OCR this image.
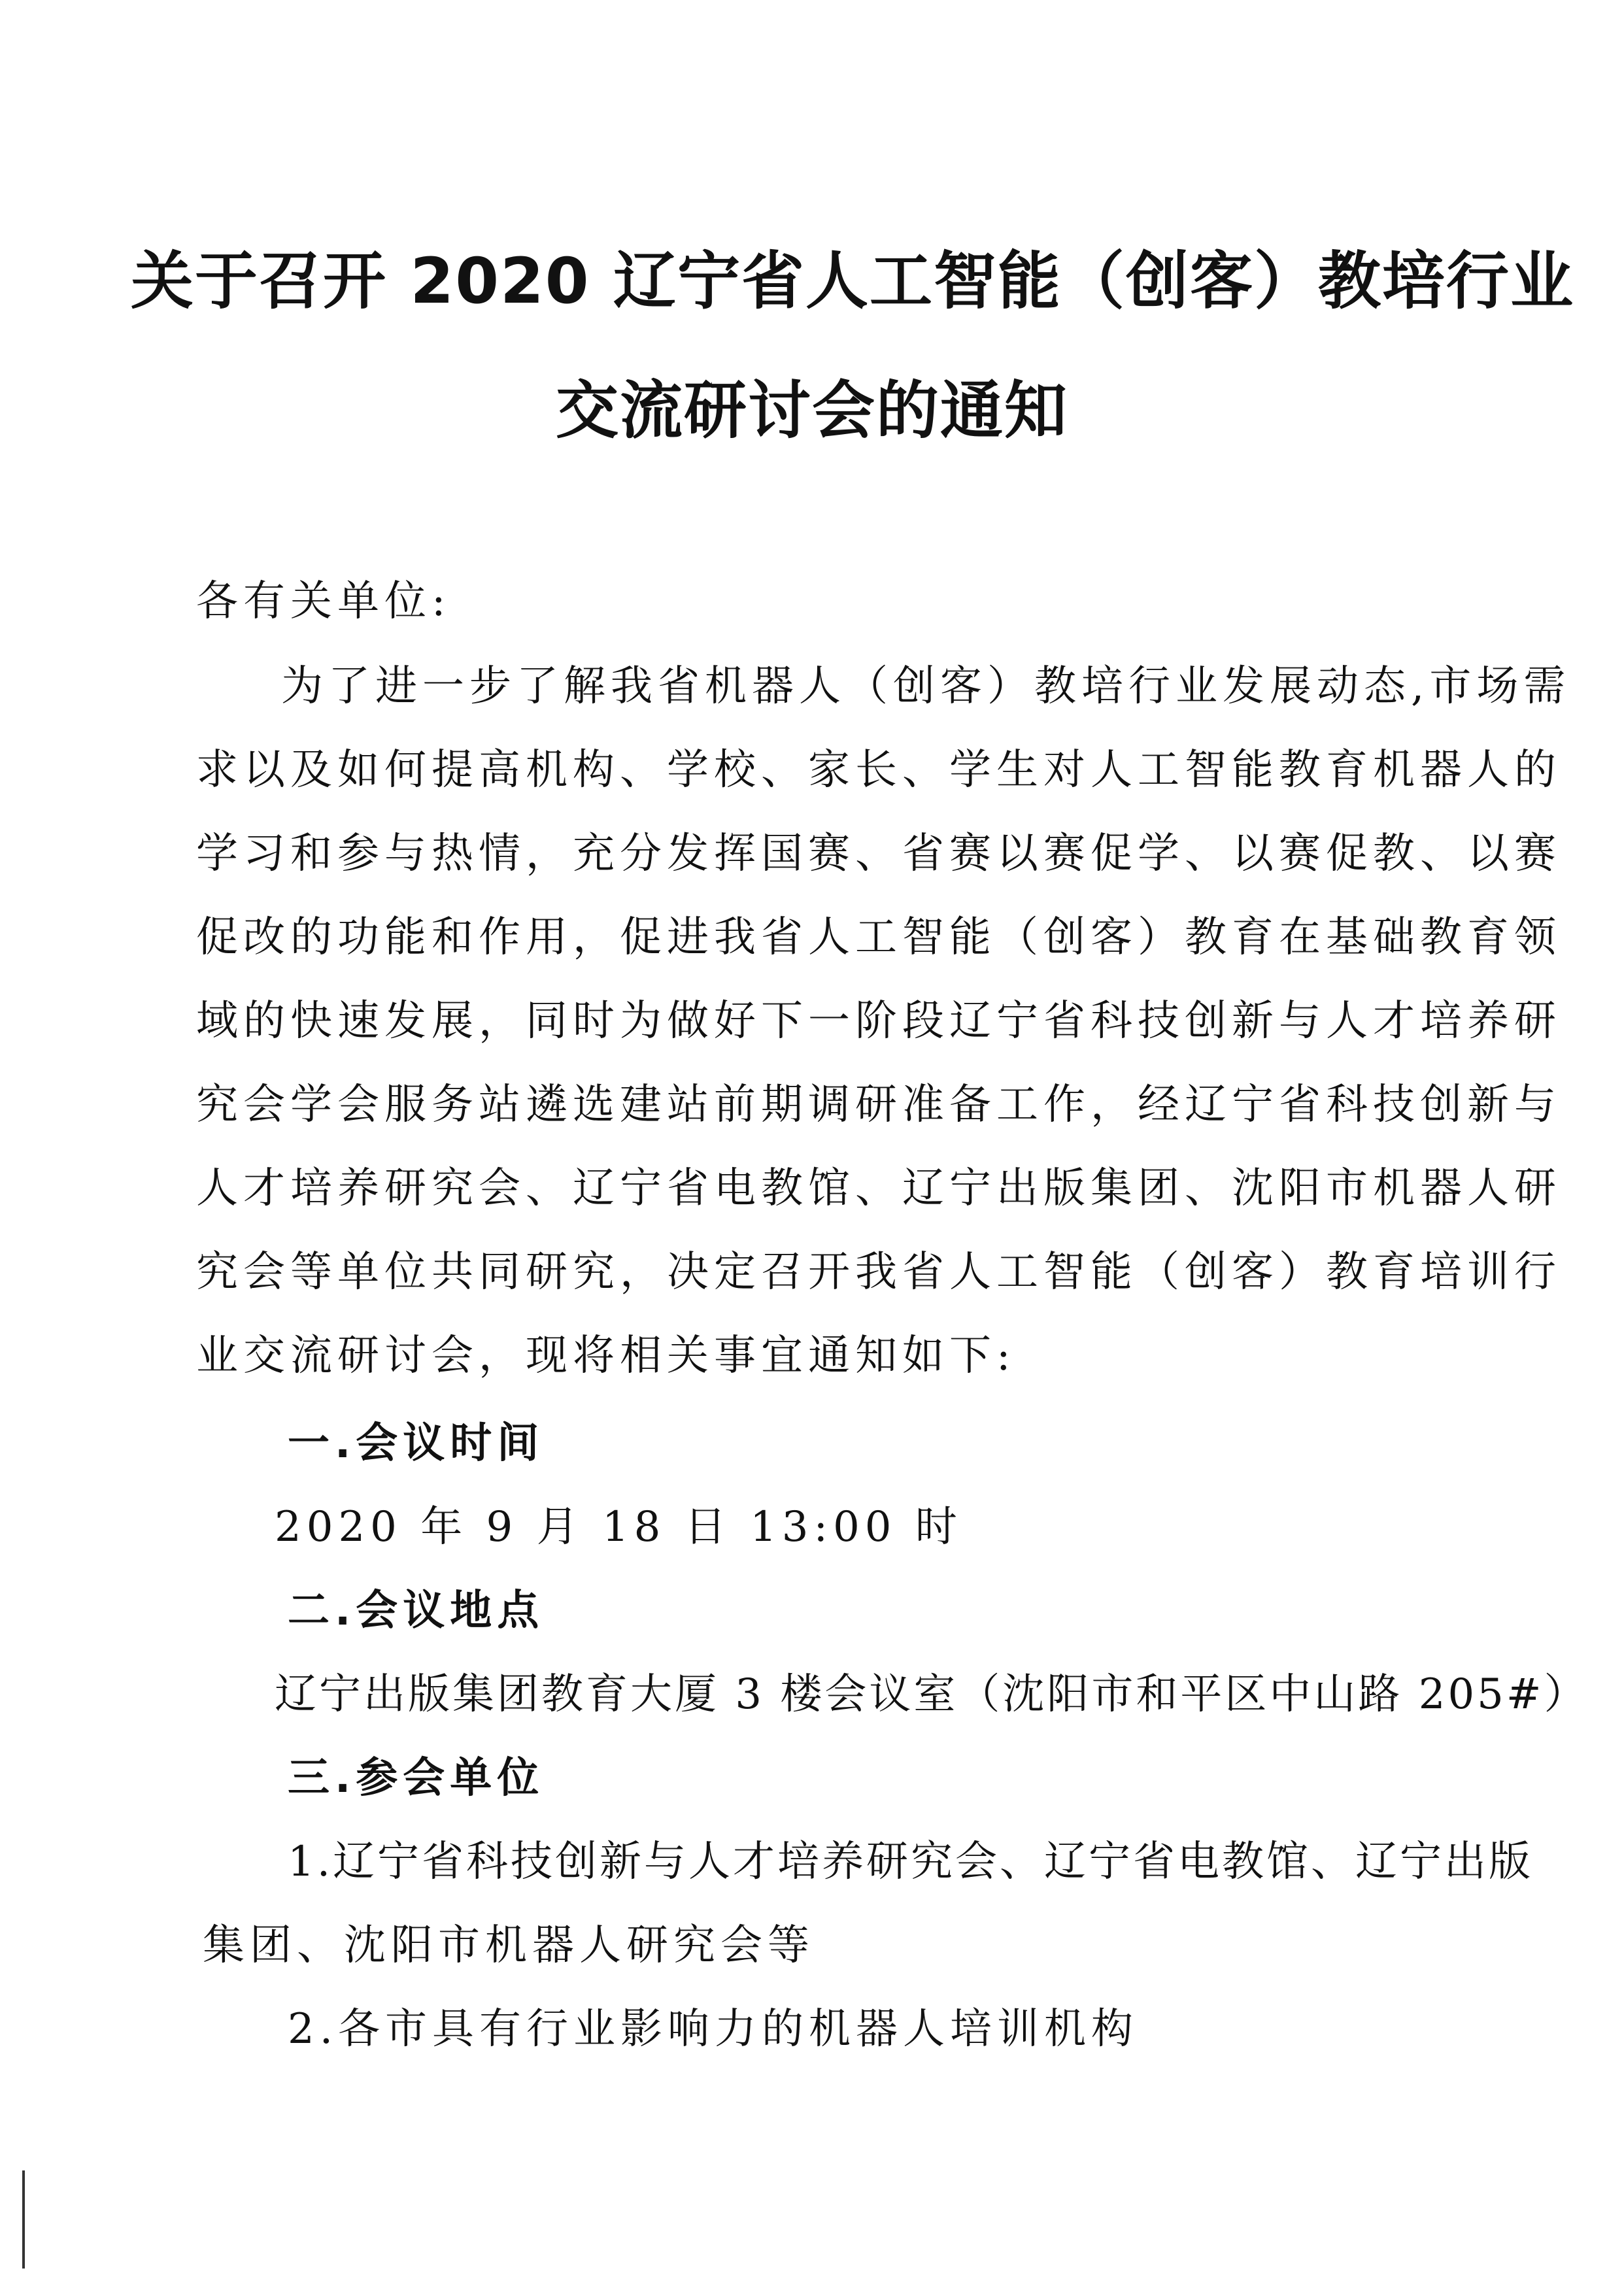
关于召开 2020 辽宁省人工智能（创客）教培行业
交流研讨会的通知
各有关单位:
为了进一步了解我省机器人（创客）教培行业发展动态,市场需
求以及如何提高机构、学校、家长、学生对人工智能教育机器人的
学习和参与热情，充分发挥国赛、省赛以赛促学、以赛促教、以赛
促改的功能和作用，促进我省人工智能（创客）教育在基础教育领
域的快速发展，同时为做好下一阶段辽宁省科技创新与人才培养研
究会学会服务站遴选建站前期调研准备工作，经辽宁省科技创新与
人才培养研究会、辽宁省电教馆、辽宁出版集团、沈阳市机器人研
究会等单位共同研究，决定召开我省人工智能（创客）教育培训行
业交流研讨会，现将相关事宜通知如下:
一.会议时间
2020 年 9 月 18 日 13:00 时
二.会议地点
辽宁出版集团教育大厦 3 楼会议室（沈阳市和平区中山路 205#）
三.参会单位
1.辽宁省科技创新与人才培养研究会、辽宁省电教馆、辽宁出版
集团、沈阳市机器人研究会等
2.各市具有行业影响力的机器人培训机构
